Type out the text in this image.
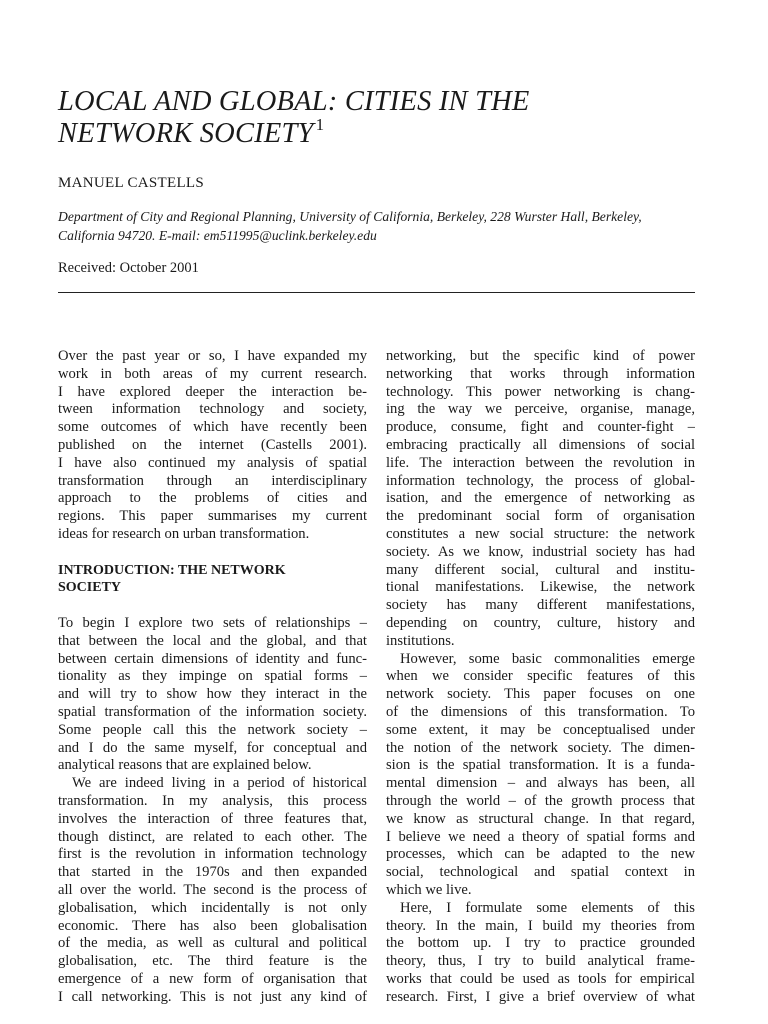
LOCAL AND GLOBAL: CITIES IN THE
NETWORK SOCIETY $^1$
MANUEL CASTELLS
Department of City and Regional Planning, University of California, Berkeley, 228 Wurster Hall, Berkeley,
California 94720. E-mail: em511995@uclink.berkeley.edu
Received: October 2001
Over the past year or so, I have expanded my
work in both areas of my current research.
I have explored deeper the interaction be-
tween information technology and society,
some outcomes of which have recently been
published on the internet (Castells 2001).
I have also continued my analysis of spatial
transformation through an interdisciplinary
approach to the problems of cities and
regions. This paper summarises my current
ideas for research on urban transformation.
INTRODUCTION: THE NETWORK
SOCIETY
To begin I explore two sets of relationships –
that between the local and the global, and that
between certain dimensions of identity and func-
tionality as they impinge on spatial forms –
and will try to show how they interact in the
spatial transformation of the information society.
Some people call this the network society –
and I do the same myself, for conceptual and
analytical reasons that are explained below.
We are indeed living in a period of historical
transformation. In my analysis, this process
involves the interaction of three features that,
though distinct, are related to each other. The
first is the revolution in information technology
that started in the 1970s and then expanded
all over the world. The second is the process of
globalisation, which incidentally is not only
economic. There has also been globalisation
of the media, as well as cultural and political
globalisation, etc. The third feature is the
emergence of a new form of organisation that
I call networking. This is not just any kind of
networking, but the specific kind of power
networking that works through information
technology. This power networking is chang-
ing the way we perceive, organise, manage,
produce, consume, fight and counter-fight –
embracing practically all dimensions of social
life. The interaction between the revolution in
information technology, the process of global-
isation, and the emergence of networking as
the predominant social form of organisation
constitutes a new social structure: the network
society. As we know, industrial society has had
many different social, cultural and institu-
tional manifestations. Likewise, the network
society has many different manifestations,
depending on country, culture, history and
institutions.
However, some basic commonalities emerge
when we consider specific features of this
network society. This paper focuses on one
of the dimensions of this transformation. To
some extent, it may be conceptualised under
the notion of the network society. The dimen-
sion is the spatial transformation. It is a funda-
mental dimension – and always has been, all
through the world – of the growth process that
we know as structural change. In that regard,
I believe we need a theory of spatial forms and
processes, which can be adapted to the new
social, technological and spatial context in
which we live.
Here, I formulate some elements of this
theory. In the main, I build my theories from
the bottom up. I try to practice grounded
theory, thus, I try to build analytical frame-
works that could be used as tools for empirical
research. First, I give a brief overview of what
